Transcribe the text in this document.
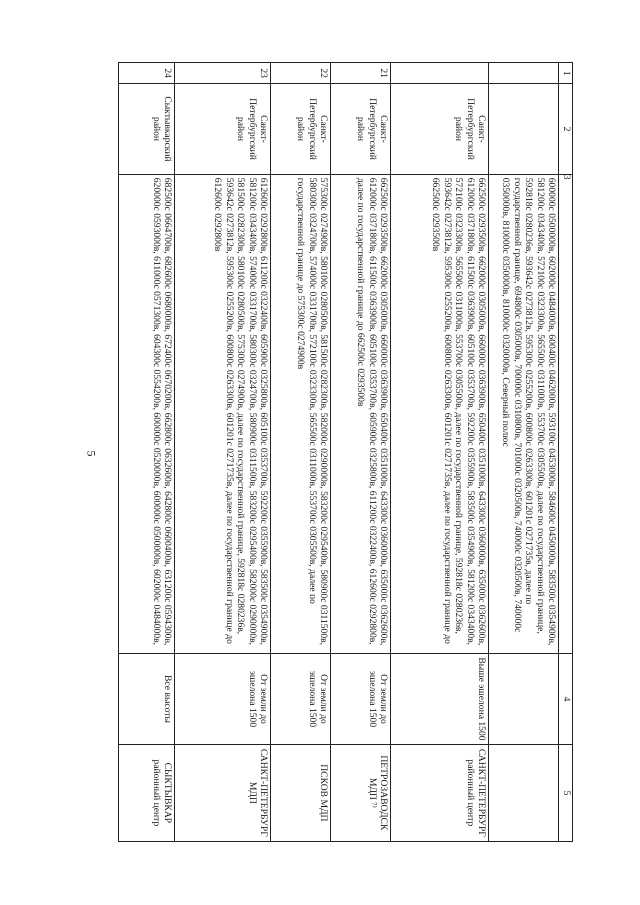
5
1	2	3	4	5
		600000с 0500000в, 602000с 0484000в, 600400с 0462000в, 593100с 0453000в, 584600с 0450000в, 583500с 0354900в, 581200с 0343400в, 572100с 0323300в, 565500с 0311000в, 553700с 0305500в, далее по государственной границе, 592818с 0280236в, 593642с 0273812в, 595300с 0255200в, 600800с 0263300в, 601201с 0271735в, далее по государственной границе, 694800с 0305000в, 700000с 0310800в, 701000с 0320500в, 740000с 0320500в, 740000с 0350000в, 810000с 0350000в, 810000с 0320000в, Северный полюс		
	Санкт-Петербургский район	662500с 0293500в, 662000с 0305000в, 660000с 0363900в, 650400с 0351000в, 643300с 0360000в, 635000с 0362600в, 612000с 0371800в, 611500с 0363900в, 605100с 0353700в, 592200с 0355900в, 583500с 0354900в, 581200с 0343400в, 572100с 0323300в, 565500с 0311000в, 553700с 0305500в, далее по государственной границе, 592818с 0280236в, 593642с 0273812в, 595300с 0255200в, 600800с 0263300в, 601201с 0271735в, далее по государственной границе до 662500с 0293500в	Выше эшелона 1500	САНКТ-ПЕТЕРБУРГ районный центр
21	Санкт-Петербургский район	662500с 0293500в, 662000с 0305000в, 660000с 0363900в, 650400с 0351000в, 643300с 0360000в, 635000с 0362600в, 612000с 0371800в, 611500с 0363900в, 605100с 0353700в, 605900с 0325800в, 611200с 0322400в, 612600с 0292800в, далее по государственной границе до 662500с 0293500в	От земли до эшелона 1500	ПЕТРОЗАВОДСК МДП ⁷⁾
22	Санкт-Петербургский район	575300с 0274900в, 580100с 0280500в, 581500с 0282300в, 582000с 0290000в, 583200с 0295400в, 580900с 0311500в, 580300с 0324700в, 574000с 0331700в, 572100с 0323300в, 565500с 0311000в, 553700с 0305500в, далее по государственной границе до 575300с 0274900в	От земли до эшелона 1500	ПСКОВ МДП
23	Санкт-Петербургский район	612600с 0292800в, 611200с 0322400в, 605900с 0325800в, 605100с 0353700в, 592200с 0355900в, 583500с 0354900в, 581200с 0343400в, 574000с 0331700в, 580300с 0324700в, 580900с 0311500в, 583200с 0295400в, 582000с 0290000в, 581500с 0282300в, 580100с 0280500в, 575300с 0274900в, далее по государственной границе, 592818с 0280236в, 593642с 0273812в, 595300с 0255200в, 600800с 0263300в, 601201с 0271735в, далее по государственной границе до 612600с 0292800в	От земли до эшелона 1500	САНКТ-ПЕТЕРБУРГ МДП
24	Сыктывкарский район	682500с 0664700в, 682600с 0680000в, 672400с 0670200в, 662800с 0632600в, 642800с 0600400в, 631200с 0594300в, 620000с 0593000в, 611000с 0571300в, 604300с 0554200в, 600000с 0520000в, 600000с 0500000в, 602000с 0484000в,	Все высоты	СЫКТЫВКАР районный центр
